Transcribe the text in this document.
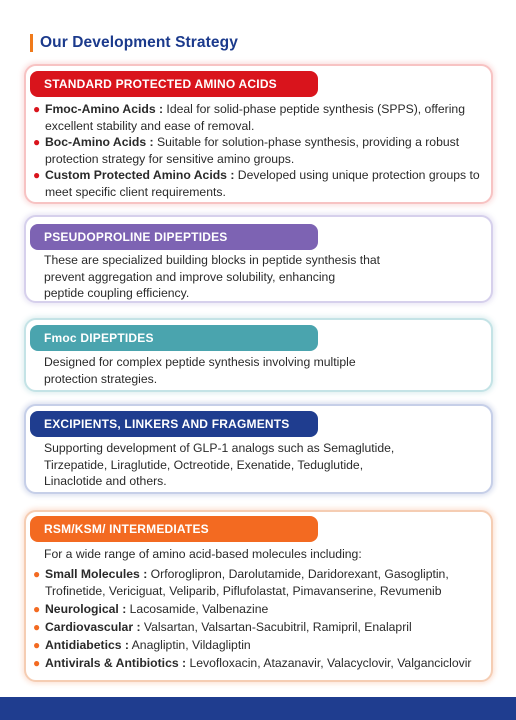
Our Development Strategy
STANDARD PROTECTED AMINO ACIDS
● Fmoc-Amino Acids : Ideal for solid-phase peptide synthesis (SPPS), offering excellent stability and ease of removal.
● Boc-Amino Acids : Suitable for solution-phase synthesis, providing a robust protection strategy for sensitive amino groups.
● Custom Protected Amino Acids : Developed using unique protection groups to meet specific client requirements.
PSEUDOPROLINE DIPEPTIDES
These are specialized building blocks in peptide synthesis that
prevent aggregation and improve solubility, enhancing
peptide coupling efficiency.
Fmoc DIPEPTIDES
Designed for complex peptide synthesis involving multiple
protection strategies.
EXCIPIENTS, LINKERS AND FRAGMENTS
Supporting development of GLP-1 analogs such as Semaglutide,
Tirzepatide, Liraglutide, Octreotide, Exenatide, Teduglutide,
Linaclotide and others.
RSM/KSM/ INTERMEDIATES
For a wide range of amino acid-based molecules including:
● Small Molecules : Orforoglipron, Darolutamide, Daridorexant, Gasogliptin, Trofinetide, Vericiguat, Veliparib, Piflufolastat, Pimavanserine, Revumenib
● Neurological : Lacosamide, Valbenazine
● Cardiovascular : Valsartan, Valsartan-Sacubitril, Ramipril, Enalapril
● Antidiabetics : Anagliptin, Vildagliptin
● Antivirals & Antibiotics : Levofloxacin, Atazanavir, Valacyclovir, Valganciclovir
